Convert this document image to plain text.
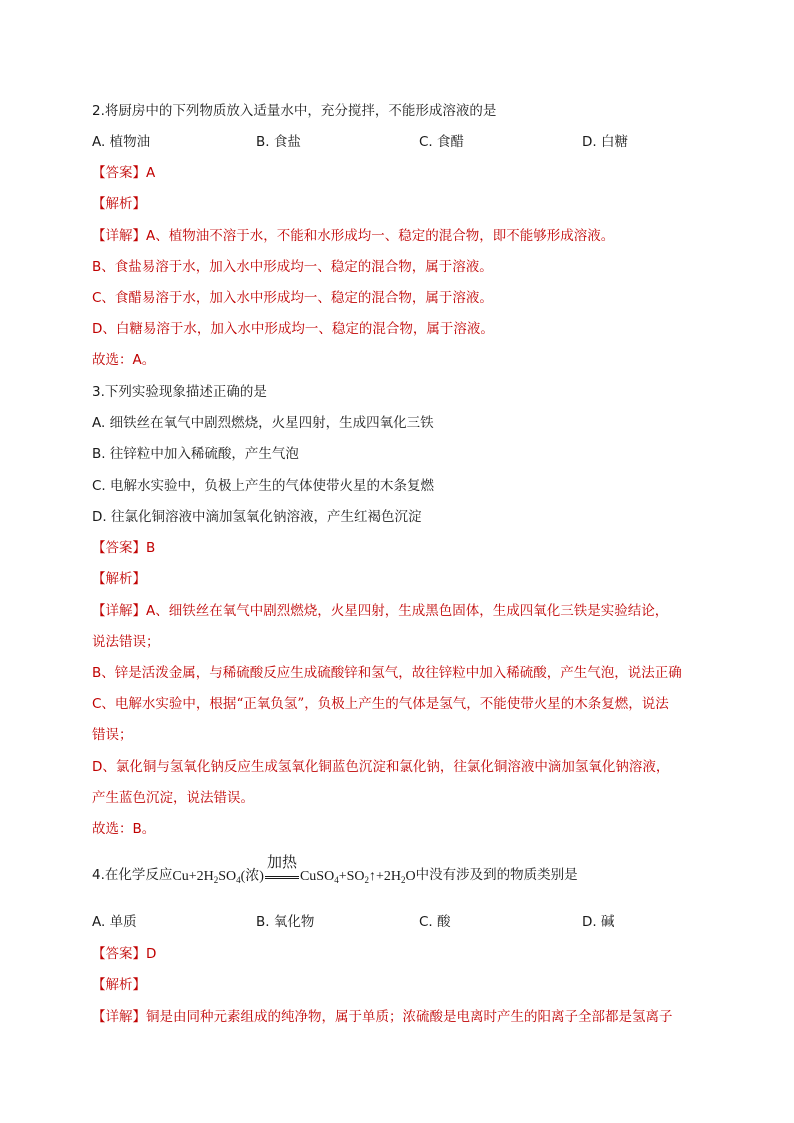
2.将厨房中的下列物质放入适量水中，充分搅拌，不能形成溶液的是
A. 植物油	B. 食盐	C. 食醋	D. 白糖
【答案】A
【解析】
【详解】A、植物油不溶于水，不能和水形成均一、稳定的混合物，即不能够形成溶液。
B、食盐易溶于水，加入水中形成均一、稳定的混合物，属于溶液。
C、食醋易溶于水，加入水中形成均一、稳定的混合物，属于溶液。
D、白糖易溶于水，加入水中形成均一、稳定的混合物，属于溶液。
故选：A。
3.下列实验现象描述正确的是
A. 细铁丝在氧气中剧烈燃烧，火星四射，生成四氧化三铁
B. 往锌粒中加入稀硫酸，产生气泡
C. 电解水实验中，负极上产生的气体使带火星的木条复燃
D. 往氯化铜溶液中滴加氢氧化钠溶液，产生红褐色沉淀
【答案】B
【解析】
【详解】A、细铁丝在氧气中剧烈燃烧，火星四射，生成黑色固体，生成四氧化三铁是实验结论，
说法错误；
B、锌是活泼金属，与稀硫酸反应生成硫酸锌和氢气，故往锌粒中加入稀硫酸，产生气泡，说法正确
C、电解水实验中，根据“正氧负氢”，负极上产生的气体是氢气，不能使带火星的木条复燃，说法
错误；
D、氯化铜与氢氧化钠反应生成氢氧化铜蓝色沉淀和氯化钠，往氯化铜溶液中滴加氢氧化钠溶液，
产生蓝色沉淀，说法错误。
故选：B。
4.在化学反应$Cu+2H_2SO_4$(浓)
加热
$CuSO_4+SO_2↑+2H_2O$中没有涉及到的物质类别是
A. 单质	B. 氧化物	C. 酸	D. 碱
【答案】D
【解析】
【详解】铜是由同种元素组成的纯净物，属于单质；浓硫酸是电离时产生的阳离子全部都是氢离子
